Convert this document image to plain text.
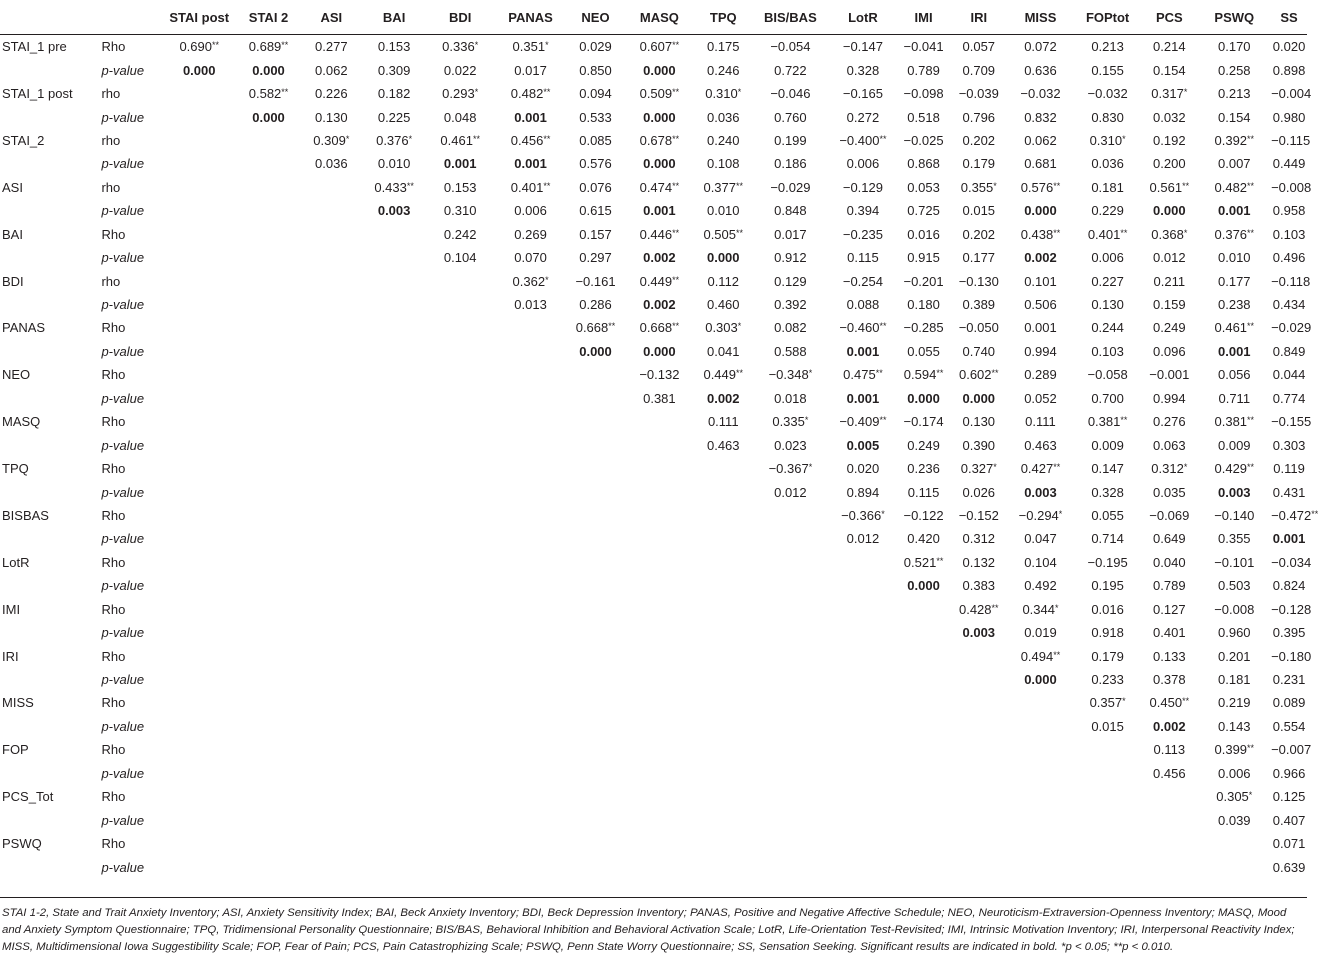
		STAI post	STAI 2	ASI	BAI	BDI	PANAS	NEO	MASQ	TPQ	BIS/BAS	LotR	IMI	IRI	MISS	FOPtot	PCS	PSWQ	SS
STAI_1 pre	Rho	0.690**	0.689**	0.277	0.153	0.336*	0.351*	0.029	0.607**	0.175	−0.054	−0.147	−0.041	0.057	0.072	0.213	0.214	0.170	0.020
	p-value	0.000	0.000	0.062	0.309	0.022	0.017	0.850	0.000	0.246	0.722	0.328	0.789	0.709	0.636	0.155	0.154	0.258	0.898
STAI_1 post	rho		0.582**	0.226	0.182	0.293*	0.482**	0.094	0.509**	0.310*	−0.046	−0.165	−0.098	−0.039	−0.032	−0.032	0.317*	0.213	−0.004
	p-value		0.000	0.130	0.225	0.048	0.001	0.533	0.000	0.036	0.760	0.272	0.518	0.796	0.832	0.830	0.032	0.154	0.980
STAI_2	rho			0.309*	0.376*	0.461**	0.456**	0.085	0.678**	0.240	0.199	−0.400**	−0.025	0.202	0.062	0.310*	0.192	0.392**	−0.115
	p-value			0.036	0.010	0.001	0.001	0.576	0.000	0.108	0.186	0.006	0.868	0.179	0.681	0.036	0.200	0.007	0.449
ASI	rho				0.433**	0.153	0.401**	0.076	0.474**	0.377**	−0.029	−0.129	0.053	0.355*	0.576**	0.181	0.561**	0.482**	−0.008
	p-value				0.003	0.310	0.006	0.615	0.001	0.010	0.848	0.394	0.725	0.015	0.000	0.229	0.000	0.001	0.958
BAI	Rho					0.242	0.269	0.157	0.446**	0.505**	0.017	−0.235	0.016	0.202	0.438**	0.401**	0.368*	0.376**	0.103
	p-value					0.104	0.070	0.297	0.002	0.000	0.912	0.115	0.915	0.177	0.002	0.006	0.012	0.010	0.496
BDI	rho						0.362*	−0.161	0.449**	0.112	0.129	−0.254	−0.201	−0.130	0.101	0.227	0.211	0.177	−0.118
	p-value						0.013	0.286	0.002	0.460	0.392	0.088	0.180	0.389	0.506	0.130	0.159	0.238	0.434
PANAS	Rho							0.668**	0.668**	0.303*	0.082	−0.460**	−0.285	−0.050	0.001	0.244	0.249	0.461**	−0.029
	p-value							0.000	0.000	0.041	0.588	0.001	0.055	0.740	0.994	0.103	0.096	0.001	0.849
NEO	Rho								−0.132	0.449**	−0.348*	0.475**	0.594**	0.602**	0.289	−0.058	−0.001	0.056	0.044
	p-value								0.381	0.002	0.018	0.001	0.000	0.000	0.052	0.700	0.994	0.711	0.774
MASQ	Rho									0.111	0.335*	−0.409**	−0.174	0.130	0.111	0.381**	0.276	0.381**	−0.155
	p-value									0.463	0.023	0.005	0.249	0.390	0.463	0.009	0.063	0.009	0.303
TPQ	Rho										−0.367*	0.020	0.236	0.327*	0.427**	0.147	0.312*	0.429**	0.119
	p-value										0.012	0.894	0.115	0.026	0.003	0.328	0.035	0.003	0.431
BISBAS	Rho											−0.366*	−0.122	−0.152	−0.294*	0.055	−0.069	−0.140	−0.472**
	p-value											0.012	0.420	0.312	0.047	0.714	0.649	0.355	0.001
LotR	Rho												0.521**	0.132	0.104	−0.195	0.040	−0.101	−0.034
	p-value												0.000	0.383	0.492	0.195	0.789	0.503	0.824
IMI	Rho													0.428**	0.344*	0.016	0.127	−0.008	−0.128
	p-value													0.003	0.019	0.918	0.401	0.960	0.395
IRI	Rho														0.494**	0.179	0.133	0.201	−0.180
	p-value														0.000	0.233	0.378	0.181	0.231
MISS	Rho															0.357*	0.450**	0.219	0.089
	p-value															0.015	0.002	0.143	0.554
FOP	Rho																0.113	0.399**	−0.007
	p-value																0.456	0.006	0.966
PCS_Tot	Rho																	0.305*	0.125
	p-value																	0.039	0.407
PSWQ	Rho																		0.071
	p-value																		0.639

STAI 1-2, State and Trait Anxiety Inventory; ASI, Anxiety Sensitivity Index; BAI, Beck Anxiety Inventory; BDI, Beck Depression Inventory; PANAS, Positive and Negative Affective Schedule; NEO, Neuroticism-Extraversion-Openness Inventory; MASQ, Mood and Anxiety Symptom Questionnaire; TPQ, Tridimensional Personality Questionnaire; BIS/BAS, Behavioral Inhibition and Behavioral Activation Scale; LotR, Life-Orientation Test-Revisited; IMI, Intrinsic Motivation Inventory; IRI, Interpersonal Reactivity Index; MISS, Multidimensional Iowa Suggestibility Scale; FOP, Fear of Pain; PCS, Pain Catastrophizing Scale; PSWQ, Penn State Worry Questionnaire; SS, Sensation Seeking. Significant results are indicated in bold. *p < 0.05; **p < 0.010.
